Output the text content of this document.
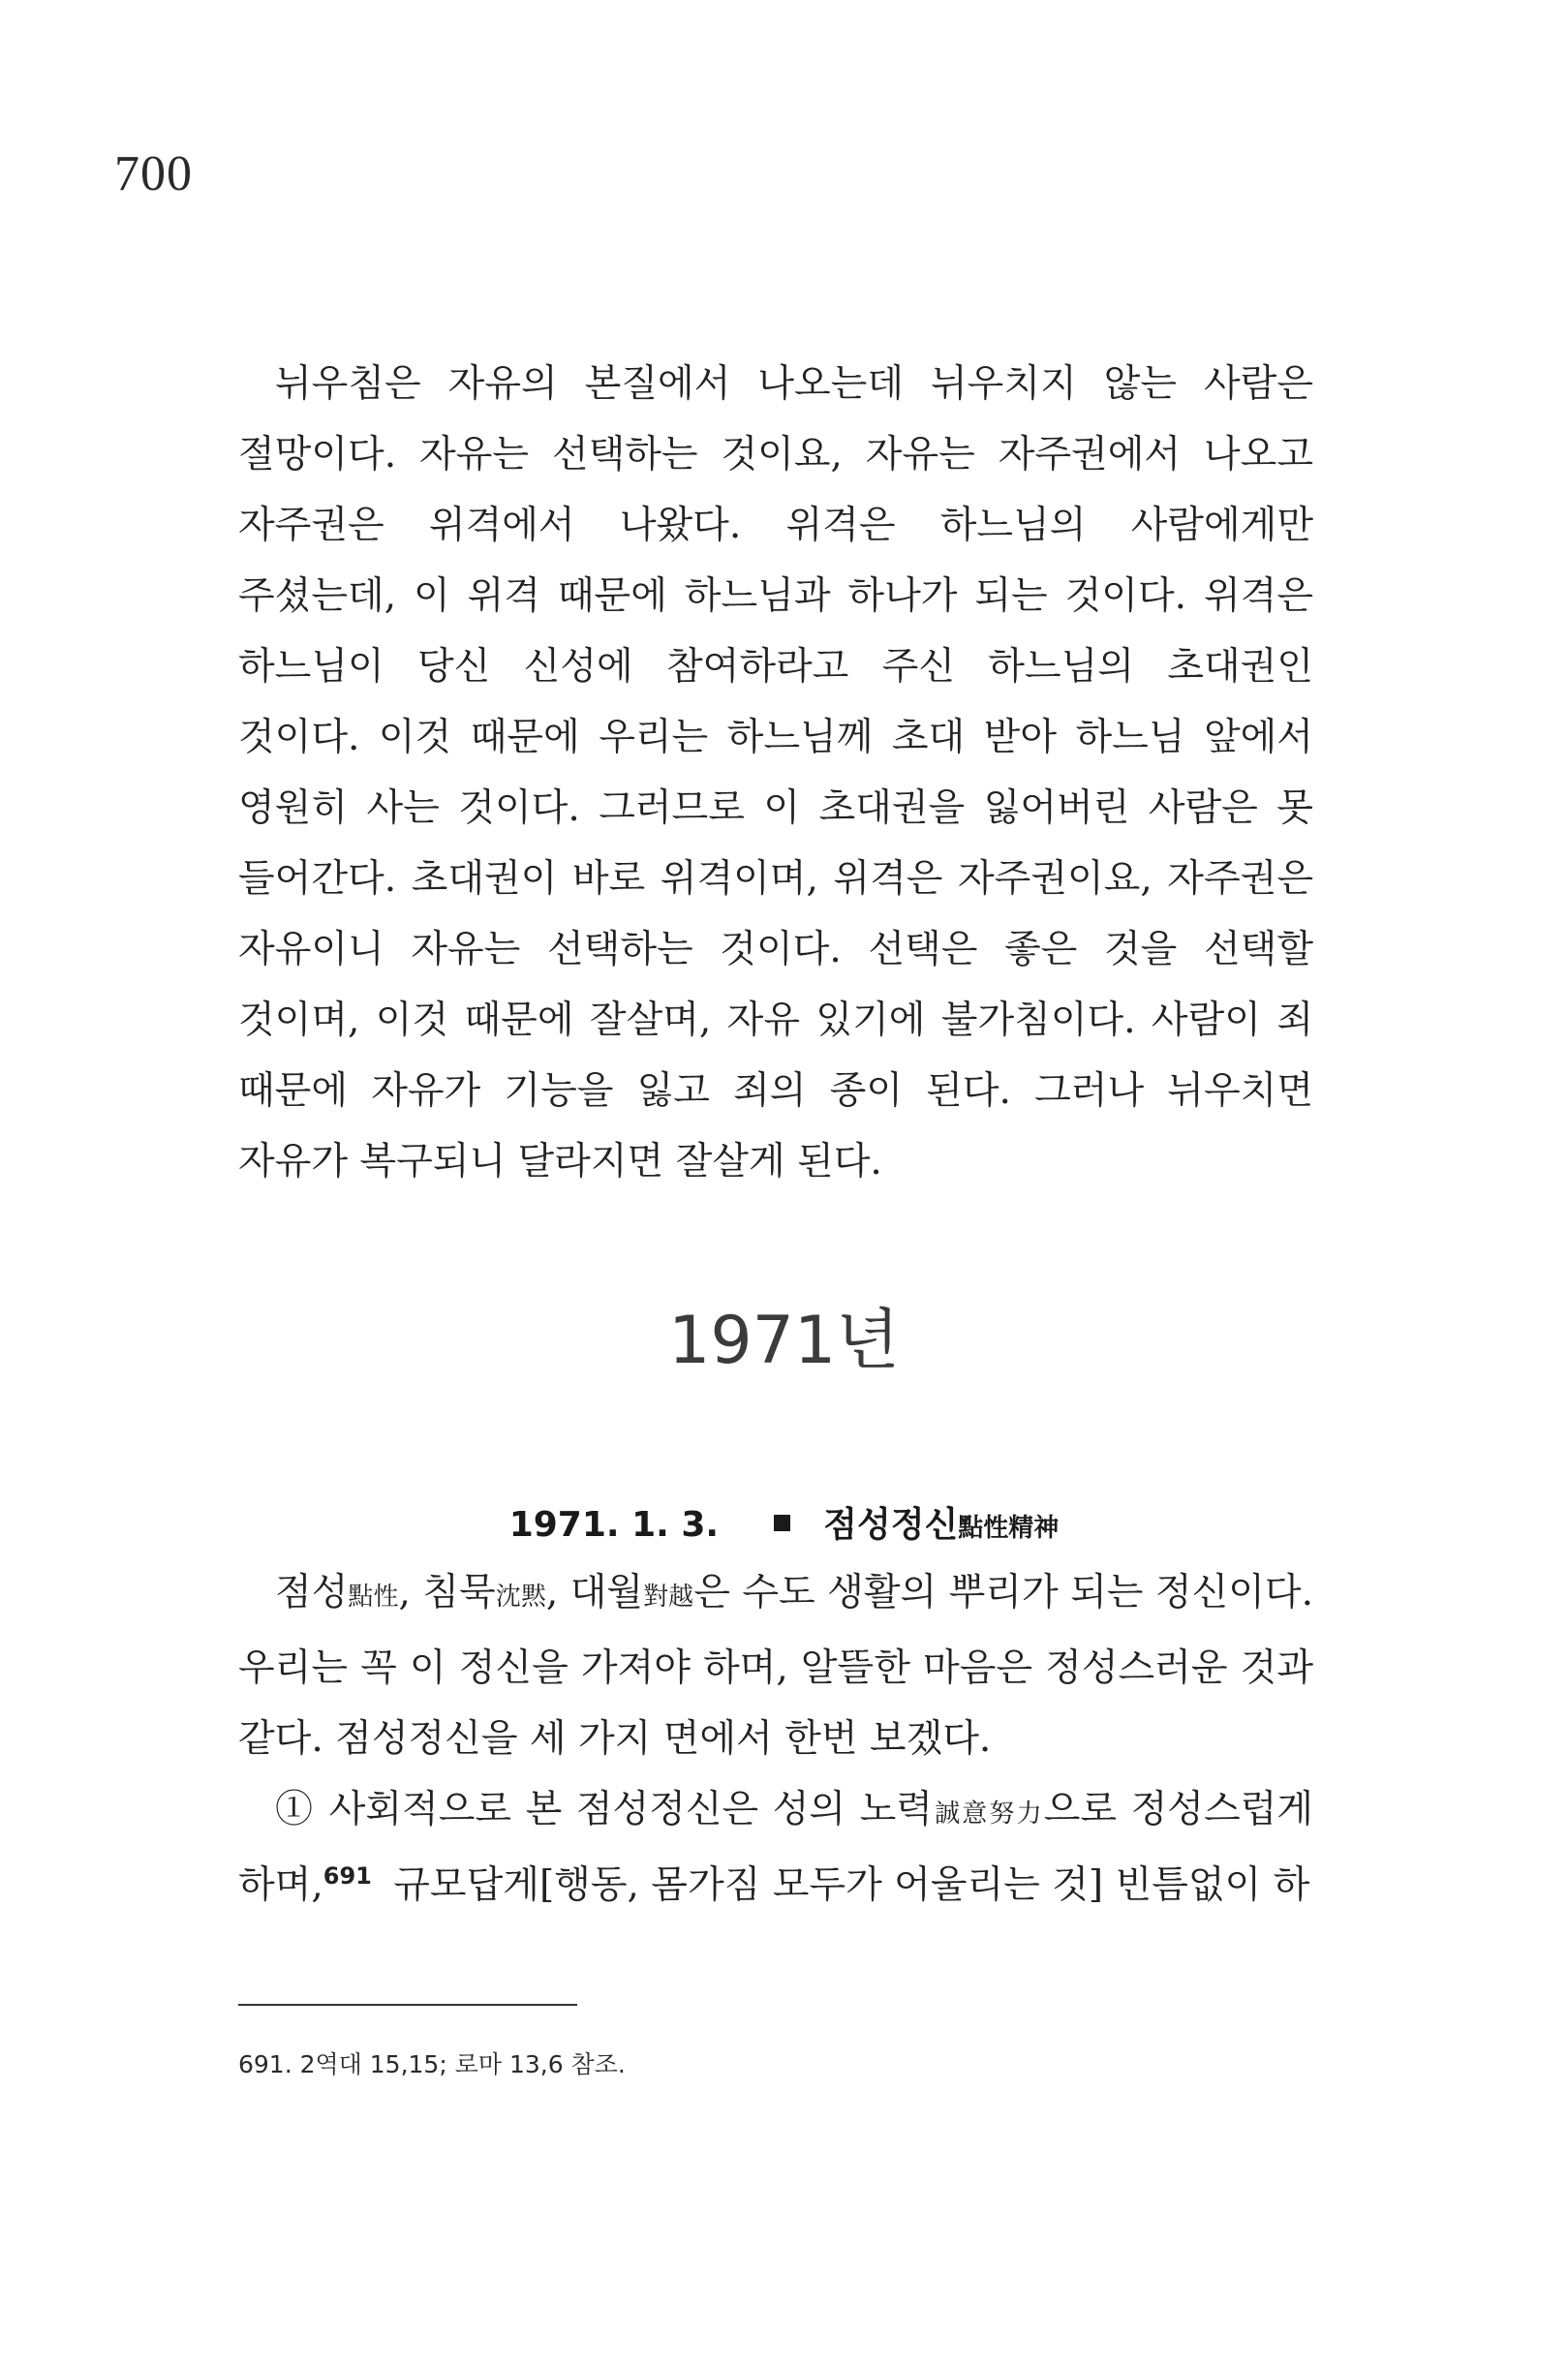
700

뉘우침은 자유의 본질에서 나오는데 뉘우치지 않는 사람은 절망이다. 자유는 선택하는 것이요, 자유는 자주권에서 나오고 자주권은 위격에서 나왔다. 위격은 하느님의 사람에게만 주셨는데, 이 위격 때문에 하느님과 하나가 되는 것이다. 위격은 하느님이 당신 신성에 참여하라고 주신 하느님의 초대권인 것이다. 이것 때문에 우리는 하느님께 초대 받아 하느님 앞에서 영원히 사는 것이다. 그러므로 이 초대권을 잃어버린 사람은 못 들어간다. 초대권이 바로 위격이며, 위격은 자주권이요, 자주권은 자유이니 자유는 선택하는 것이다. 선택은 좋은 것을 선택할 것이며, 이것 때문에 잘살며, 자유 있기에 불가침이다. 사람이 죄 때문에 자유가 기능을 잃고 죄의 종이 된다. 그러나 뉘우치면 자유가 복구되니 달라지면 잘살게 된다.

1971년
1971. 1. 3.	점성정신點性精神

점성點性, 침묵沈黙, 대월對越은 수도 생활의 뿌리가 되는 정신이다. 우리는 꼭 이 정신을 가져야 하며, 알뜰한 마음은 정성스러운 것과 같다. 점성정신을 세 가지 면에서 한번 보겠다.

① 사회적으로 본 점성정신은 성의 노력誠意努力으로 정성스럽게 하며,$^{691}$ 규모답게[행동, 몸가짐 모두가 어울리는 것] 빈틈없이 하

691. 2역대 15,15; 로마 13,6 참조.
